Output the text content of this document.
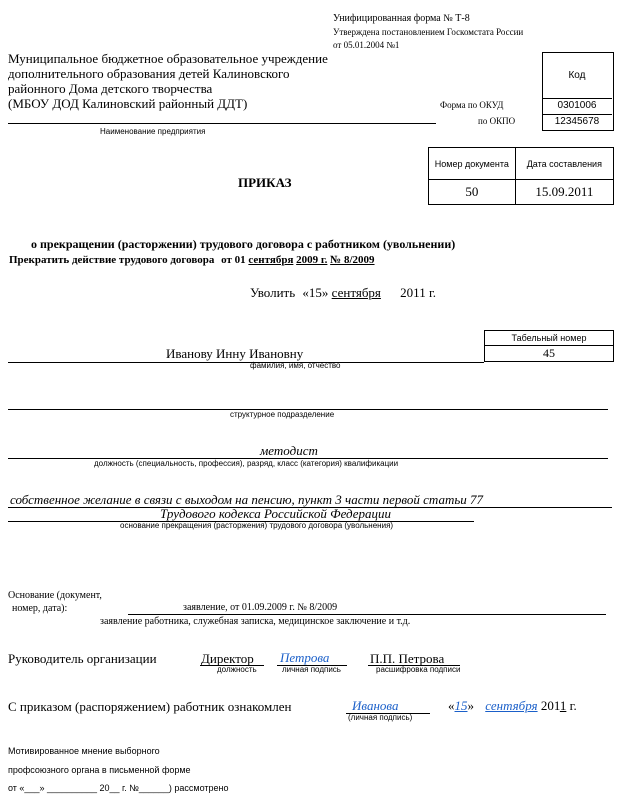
Унифицированная форма № Т-8
Утверждена постановлением Госкомстата России
от 05.01.2004 №1
Муниципальное бюджетное образовательное учреждение
дополнительного образования детей Калиновского
районного Дома детского творчества
(МБОУ ДОД Калиновский районный ДДТ)
Наименование предприятия
Код
0301006
12345678
Форма по ОКУД
по ОКПО
Номер документа	Дата составления
50	15.09.2011
ПРИКАЗ
о прекращении (расторжении) трудового договора с работником (увольнении)
Прекратить действие трудового договора от 01 сентября 2009 г. № 8/2009
Уволить «15» сентября 2011 г.
Табельный номер
45
Иванову Инну Ивановну
фамилия, имя, отчество
структурное подразделение
методист
должность (специальность, профессия), разряд, класс (категория) квалификации
собственное желание в связи с выходом на пенсию, пункт 3 части первой статьи 77
Трудового кодекса Российской Федерации
основание прекращения (расторжения) трудового договора (увольнения)
Основание (документ,
номер, дата):	заявление, от 01.09.2009 г. № 8/2009
заявление работника, служебная записка, медицинское заключение и т.д.
Руководитель организации	Директор
должность
Петрова
личная подпись
П.П. Петрова
расшифровка подписи
С приказом (распоряжением) работник ознакомлен	Иванова
(личная подпись)
«15» сентября 2011 г.
Мотивированное мнение выборного
профсоюзного органа в письменной форме
от «___» __________ 20__ г. №______) рассмотрено
